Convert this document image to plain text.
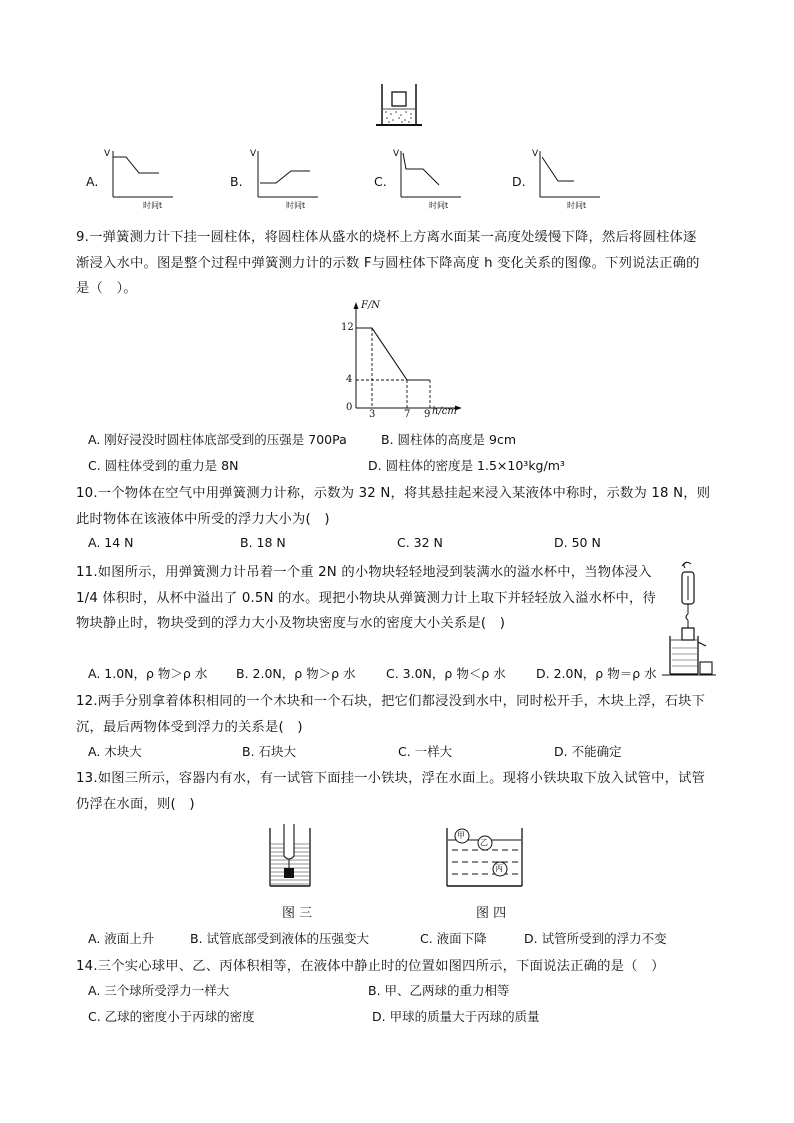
A.
V
时间t
B.
V
时间t
C.
V
时间t
D.
V
时间t
9.一弹簧测力计下挂一圆柱体，将圆柱体从盛水的烧杯上方离水面某一高度处缓慢下降，然后将圆柱体逐
渐浸入水中。图是整个过程中弹簧测力计的示数 F与圆柱体下降高度 h 变化关系的图像。下列说法正确的
是（　）。
F/N
12
4
0
3	7 9 h/cm
A. 刚好浸没时圆柱体底部受到的压强是 700Pa	B. 圆柱体的高度是 9cm
C. 圆柱体受到的重力是 8N	D. 圆柱体的密度是 1.5×10³kg/m³
10.一个物体在空气中用弹簧测力计称，示数为 32 N，将其悬挂起来浸入某液体中称时，示数为 18 N，则
此时物体在该液体中所受的浮力大小为(　)
A. 14 N	B. 18 N	C. 32 N	D. 50 N
11.如图所示，用弹簧测力计吊着一个重 2N 的小物块轻轻地浸到装满水的溢水杯中，当物体浸入
1/4 体积时，从杯中溢出了 0.5N 的水。现把小物块从弹簧测力计上取下并轻轻放入溢水杯中，待
物块静止时，物块受到的浮力大小及物块密度与水的密度大小关系是(　)
A. 1.0N，ρ 物＞ρ 水 B. 2.0N，ρ 物＞ρ 水 C. 3.0N，ρ 物＜ρ 水 D. 2.0N，ρ 物＝ρ 水
12.两手分别拿着体积相同的一个木块和一个石块，把它们都浸没到水中，同时松开手，木块上浮，石块下
沉，最后两物体受到浮力的关系是(　)
A. 木块大	B. 石块大	C. 一样大	D. 不能确定
13.如图三所示，容器内有水，有一试管下面挂一小铁块，浮在水面上。现将小铁块取下放入试管中，试管
仍浮在水面，则(　)
甲
乙
丙
图 三	图 四
A. 液面上升	B. 试管底部受到液体的压强变大	C. 液面下降	D. 试管所受到的浮力不变
14.三个实心球甲、乙、丙体积相等，在液体中静止时的位置如图四所示，下面说法正确的是（　）
A. 三个球所受浮力一样大	B. 甲、乙两球的重力相等
C. 乙球的密度小于丙球的密度	D. 甲球的质量大于丙球的质量
